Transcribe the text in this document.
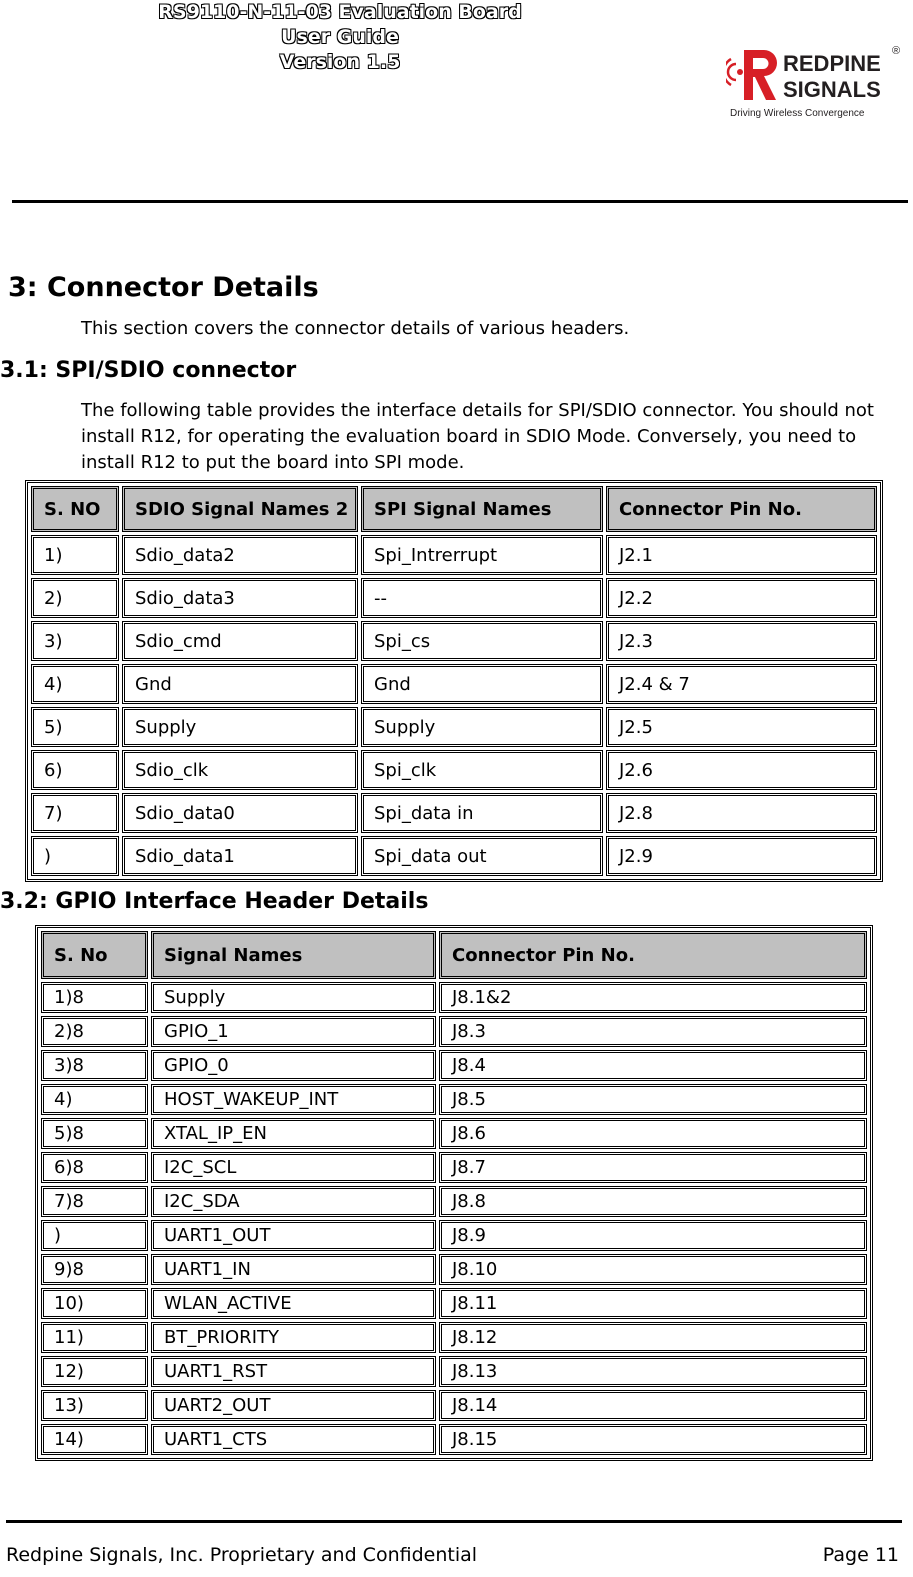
RS9110-N-11-03 Evaluation Board
User Guide
Version 1.5	REDPINE
SIGNALS
®
Driving Wireless Convergence
3: Connector Details
This section covers the connector details of various headers.
3.1: SPI/SDIO connector
The following table provides the interface details for SPI/SDIO connector. You should not install R12, for operating the evaluation board in SDIO Mode. Conversely, you need to install R12 to put the board into SPI mode.
S. NO	SDIO Signal Names 2	SPI Signal Names	Connector Pin No.
1)	Sdio_data2	Spi_Intrerrupt	J2.1
2)	Sdio_data3	--	J2.2
3)	Sdio_cmd	Spi_cs	J2.3
4)	Gnd	Gnd	J2.4 & 7
5)	Supply	Supply	J2.5
6)	Sdio_clk	Spi_clk	J2.6
7)	Sdio_data0	Spi_data in	J2.8
)	Sdio_data1	Spi_data out	J2.9
3.2: GPIO Interface Header Details
S. No	Signal Names	Connector Pin No.
1)8	Supply	J8.1&2
2)8	GPIO_1	J8.3
3)8	GPIO_0	J8.4
4)	HOST_WAKEUP_INT	J8.5
5)8	XTAL_IP_EN	J8.6
6)8	I2C_SCL	J8.7
7)8	I2C_SDA	J8.8
)	UART1_OUT	J8.9
9)8	UART1_IN	J8.10
10)	WLAN_ACTIVE	J8.11
11)	BT_PRIORITY	J8.12
12)	UART1_RST	J8.13
13)	UART2_OUT	J8.14
14)	UART1_CTS	J8.15
Redpine Signals, Inc. Proprietary and Confidential	Page 11
